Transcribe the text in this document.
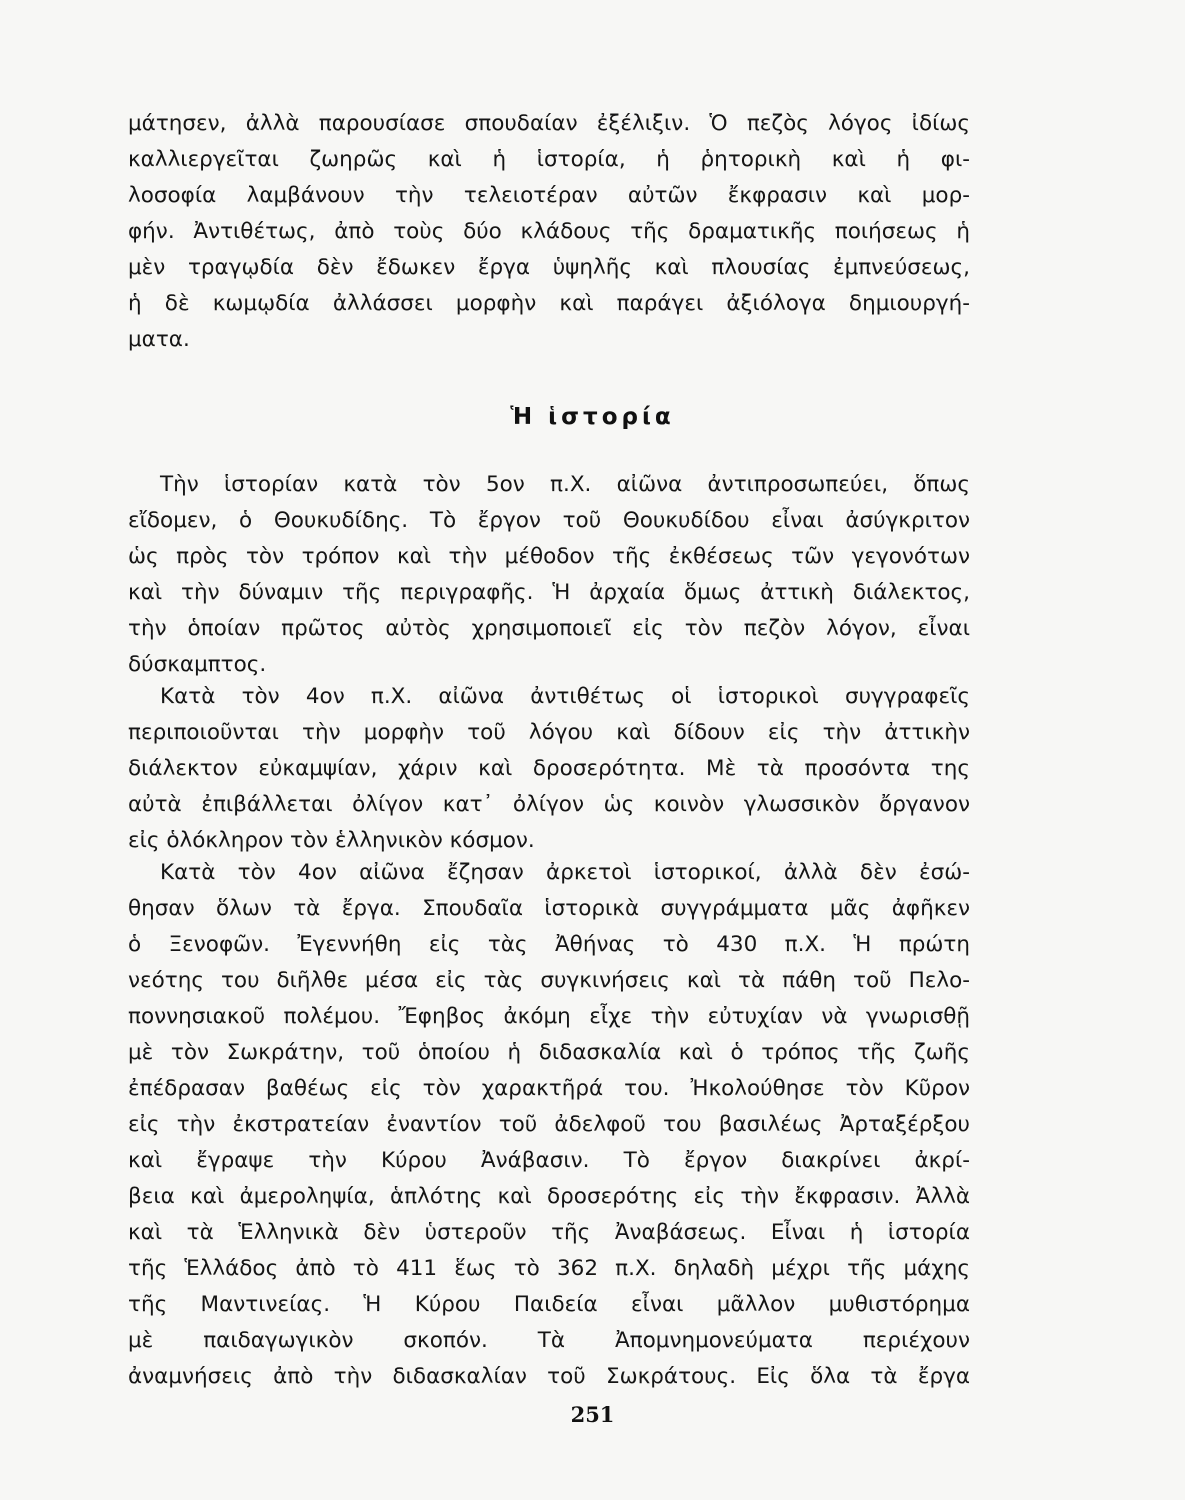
μάτησεν, ἀλλὰ παρουσίασε σπουδαίαν ἐξέλιξιν. Ὁ πεζὸς λόγος ἰδίως
καλλιεργεῖται ζωηρῶς καὶ ἡ ἱστορία, ἡ ῥητορικὴ καὶ ἡ φι-
λοσοφία λαμβάνουν τὴν τελειοτέραν αὐτῶν ἔκφρασιν καὶ μορ-
φήν. Ἀντιθέτως, ἀπὸ τοὺς δύο κλάδους τῆς δραματικῆς ποιήσεως ἡ
μὲν τραγῳδία δὲν ἔδωκεν ἔργα ὑψηλῆς καὶ πλουσίας ἐμπνεύσεως,
ἡ δὲ κωμῳδία ἀλλάσσει μορφὴν καὶ παράγει ἀξιόλογα δημιουργή-
ματα.
Ἡ ἱστορία
Τὴν ἱστορίαν κατὰ τὸν 5ον π.Χ. αἰῶνα ἀντιπροσωπεύει, ὅπως
εἴδομεν, ὁ Θουκυδίδης. Τὸ ἔργον τοῦ Θουκυδίδου εἶναι ἀσύγκριτον
ὡς πρὸς τὸν τρόπον καὶ τὴν μέθοδον τῆς ἐκθέσεως τῶν γεγονότων
καὶ τὴν δύναμιν τῆς περιγραφῆς. Ἡ ἀρχαία ὅμως ἀττικὴ διάλεκτος,
τὴν ὁποίαν πρῶτος αὐτὸς χρησιμοποιεῖ εἰς τὸν πεζὸν λόγον, εἶναι
δύσκαμπτος.
Κατὰ τὸν 4ον π.Χ. αἰῶνα ἀντιθέτως οἱ ἱστορικοὶ συγγραφεῖς
περιποιοῦνται τὴν μορφὴν τοῦ λόγου καὶ δίδουν εἰς τὴν ἀττικὴν
διάλεκτον εὐκαμψίαν, χάριν καὶ δροσερότητα. Μὲ τὰ προσόντα της
αὐτὰ ἐπιβάλλεται ὀλίγον κατ᾽ ὀλίγον ὡς κοινὸν γλωσσικὸν ὄργανον
εἰς ὁλόκληρον τὸν ἑλληνικὸν κόσμον.
Κατὰ τὸν 4ον αἰῶνα ἔζησαν ἀρκετοὶ ἱστορικοί, ἀλλὰ δὲν ἐσώ-
θησαν ὅλων τὰ ἔργα. Σπουδαῖα ἱστορικὰ συγγράμματα μᾶς ἀφῆκεν
ὁ Ξενοφῶν. Ἐγεννήθη εἰς τὰς Ἀθήνας τὸ 430 π.Χ. Ἡ πρώτη
νεότης του διῆλθε μέσα εἰς τὰς συγκινήσεις καὶ τὰ πάθη τοῦ Πελο-
ποννησιακοῦ πολέμου. Ἔφηβος ἀκόμη εἶχε τὴν εὐτυχίαν νὰ γνωρισθῇ
μὲ τὸν Σωκράτην, τοῦ ὁποίου ἡ διδασκαλία καὶ ὁ τρόπος τῆς ζωῆς
ἐπέδρασαν βαθέως εἰς τὸν χαρακτῆρά του. Ἠκολούθησε τὸν Κῦρον
εἰς τὴν ἐκστρατείαν ἐναντίον τοῦ ἀδελφοῦ του βασιλέως Ἀρταξέρξου
καὶ ἔγραψε τὴν Κύρου Ἀνάβασιν. Τὸ ἔργον διακρίνει ἀκρί-
βεια καὶ ἀμεροληψία, ἁπλότης καὶ δροσερότης εἰς τὴν ἔκφρασιν. Ἀλλὰ
καὶ τὰ Ἑλληνικὰ δὲν ὑστεροῦν τῆς Ἀναβάσεως. Εἶναι ἡ ἱστορία
τῆς Ἑλλάδος ἀπὸ τὸ 411 ἕως τὸ 362 π.Χ. δηλαδὴ μέχρι τῆς μάχης
τῆς Μαντινείας. Ἡ Κύρου Παιδεία εἶναι μᾶλλον μυθιστόρημα
μὲ παιδαγωγικὸν σκοπόν. Τὰ Ἀπομνημονεύματα περιέχουν
ἀναμνήσεις ἀπὸ τὴν διδασκαλίαν τοῦ Σωκράτους. Εἰς ὅλα τὰ ἔργα
251
